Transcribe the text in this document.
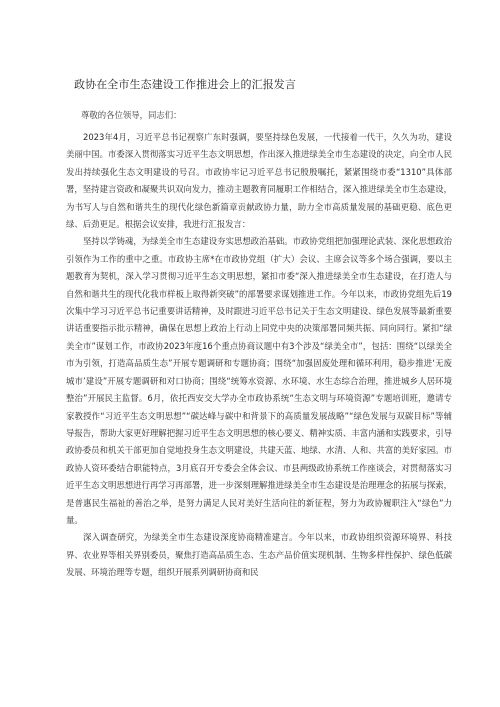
政协在全市生态建设工作推进会上的汇报发言
尊敬的各位领导，同志们：

2023年4月，习近平总书记视察广东时强调，要坚持绿色发展，一代接着一代干，久久为功，建设美丽中国。市委深入贯彻落实习近平生态文明思想，作出深入推进绿美全市生态建设的决定，向全市人民发出持续强化生态文明建设的号召。市政协牢记习近平总书记殷殷嘱托，紧紧围绕市委“1310”具体部署，坚持建言资政和凝聚共识双向发力，推动主题教育同履职工作相结合，深入推进绿美全市生态建设，为书写人与自然和谐共生的现代化绿色新篇章贡献政协力量，助力全市高质量发展的基础更稳、底色更绿、后劲更足。根据会议安排，我进行汇报发言：

坚持以学铸魂，为绿美全市生态建设夯实思想政治基础。市政协党组把加强理论武装、深化思想政治引领作为工作的重中之重。市政协主席*在市政协党组（扩大）会议、主席会议等多个场合强调，要以主题教育为契机，深入学习贯彻习近平生态文明思想，紧扣市委“深入推进绿美全市生态建设，在打造人与自然和谐共生的现代化我市样板上取得新突破”的部署要求谋划推进工作。今年以来，市政协党组先后19次集中学习习近平总书记重要讲话精神，及时跟进习近平总书记关于生态文明建设、绿色发展等最新重要讲话重要指示批示精神，确保在思想上政治上行动上同党中央的决策部署同频共振、同向同行。紧扣“绿美全市”谋划工作，市政协2023年度16个重点协商议题中有3个涉及“绿美全市”，包括：围绕“以绿美全市为引领，打造高品质生态”开展专题调研和专题协商；围绕“加强固废处理和循环利用，稳步推进‘无废城市’建设”开展专题调研和对口协商；围绕“统筹水资源、水环境、水生态综合治理，推进城乡人居环境整治”开展民主监督。6月，依托西安交大学办全市政协系统“生态文明与环境资源”专题培训班，邀请专家教授作“习近平生态文明思想”“碳达峰与碳中和背景下的高质量发展战略”“绿色发展与双碳目标”等辅导报告，帮助大家更好理解把握习近平生态文明思想的核心要义、精神实质、丰富内涵和实践要求，引导政协委员和机关干部更加自觉地投身生态文明建设，共建天蓝、地绿、水清、人和、共富的美好家园。市政协人资环委结合职能特点，3月底召开专委会全体会议、市县两级政协系统工作座谈会，对贯彻落实习近平生态文明思想进行再学习再部署，进一步深刻理解推进绿美全市生态建设是治理理念的拓展与探索，是普惠民生福祉的善治之举，是努力满足人民对美好生活向往的新征程，努力为政协履职注入“绿色”力量。

深入调查研究，为绿美全市生态建设深度协商精准建言。今年以来，市政协组织资源环境界、科技界、农业界等相关界别委员，聚焦打造高品质生态、生态产品价值实现机制、生物多样性保护、绿色低碳发展、环境治理等专题，组织开展系列调研协商和民
